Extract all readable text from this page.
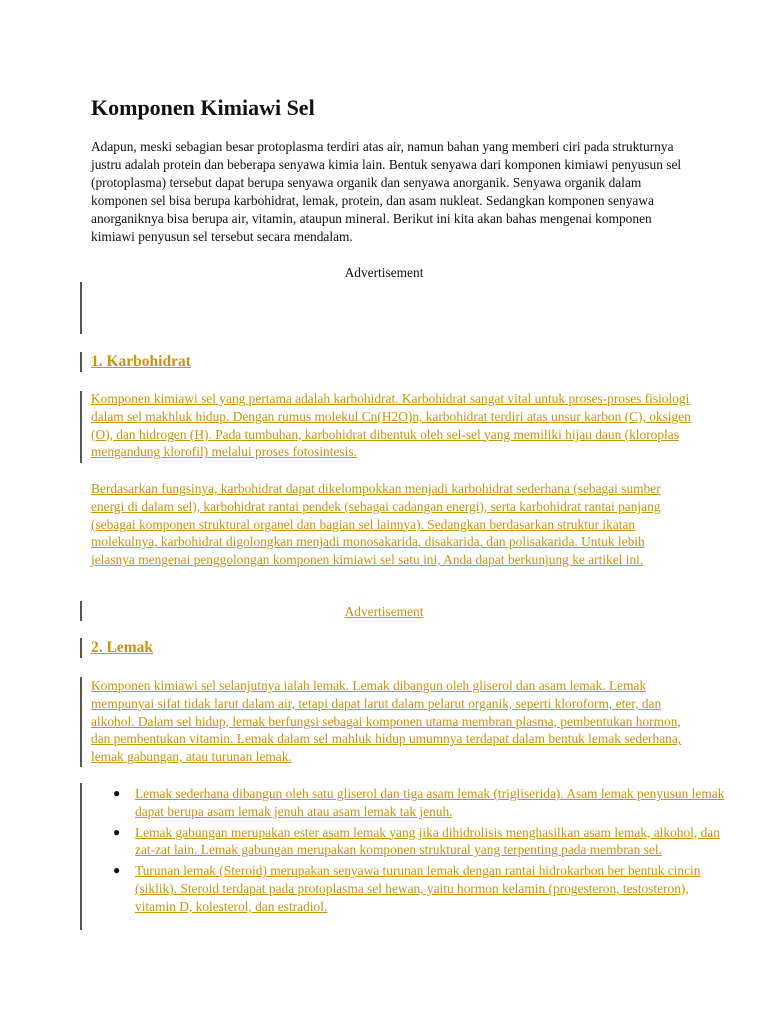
Komponen Kimiawi Sel

Adapun, meski sebagian besar protoplasma terdiri atas air, namun bahan yang memberi ciri pada strukturnya justru adalah protein dan beberapa senyawa kimia lain. Bentuk senyawa dari komponen kimiawi penyusun sel (protoplasma) tersebut dapat berupa senyawa organik dan senyawa anorganik. Senyawa organik dalam komponen sel bisa berupa karbohidrat, lemak, protein, dan asam nukleat. Sedangkan komponen senyawa anorganiknya bisa berupa air, vitamin, ataupun mineral. Berikut ini kita akan bahas mengenai komponen kimiawi penyusun sel tersebut secara mendalam.

Advertisement

1. Karbohidrat

Komponen kimiawi sel yang pertama adalah karbohidrat. Karbohidrat sangat vital untuk proses-proses fisiologi dalam sel makhluk hidup. Dengan rumus molekul Cn(H2O)n, karbohidrat terdiri atas unsur karbon (C), oksigen (O), dan hidrogen (H). Pada tumbuhan, karbohidrat dibentuk oleh sel-sel yang memiliki hijau daun (kloroplas mengandung klorofil) melalui proses fotosintesis.

Berdasarkan fungsinya, karbohidrat dapat dikelompokkan menjadi karbohidrat sederhana (sebagai sumber energi di dalam sel), karbohidrat rantai pendek (sebagai cadangan energi), serta karbohidrat rantai panjang (sebagai komponen struktural organel dan bagian sel lainnya). Sedangkan berdasarkan struktur ikatan molekulnya, karbohidrat digolongkan menjadi monosakarida, disakarida, dan polisakarida. Untuk lebih jelasnya mengenai penggolongan komponen kimiawi sel satu ini, Anda dapat berkunjung ke artikel ini.

Advertisement

2. Lemak

Komponen kimiawi sel selanjutnya ialah lemak. Lemak dibangun oleh gliserol dan asam lemak. Lemak mempunyai sifat tidak larut dalam air, tetapi dapat larut dalam pelarut organik, seperti kloroform, eter, dan alkohol. Dalam sel hidup, lemak berfungsi sebagai komponen utama membran plasma, pembentukan hormon, dan pembentukan vitamin. Lemak dalam sel mahluk hidup umumnya terdapat dalam bentuk lemak sederhana, lemak gabungan, atau turunan lemak.

● Lemak sederhana dibangun oleh satu gliserol dan tiga asam lemak (trigliserida). Asam lemak penyusun lemak dapat berupa asam lemak jenuh atau asam lemak tak jenuh.
● Lemak gabungan merupakan ester asam lemak yang jika dihidrolisis menghasilkan asam lemak, alkohol, dan zat-zat lain. Lemak gabungan merupakan komponen struktural yang terpenting pada membran sel.
● Turunan lemak (Steroid) merupakan senyawa turunan lemak dengan rantai hidrokarbon ber bentuk cincin (siklik). Steroid terdapat pada protoplasma sel hewan, yaitu hormon kelamin (progesteron, testosteron), vitamin D, kolesterol, dan estradiol.
